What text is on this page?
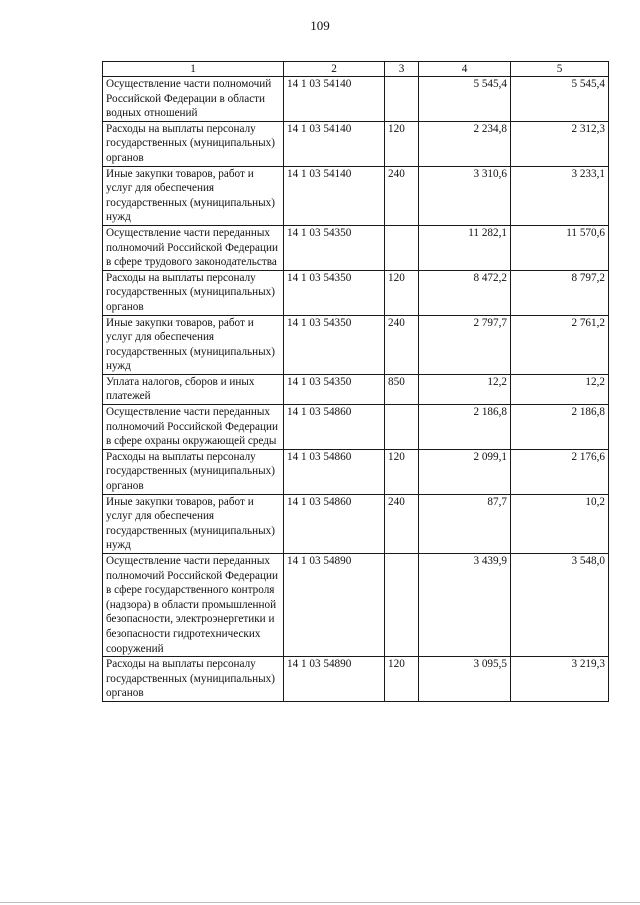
109
1	2	3	4	5
Осуществление части полномочий Российской Федерации в области водных отношений	14 1 03 54140		5 545,4	5 545,4
Расходы на выплаты персоналу государственных (муниципальных) органов	14 1 03 54140	120	2 234,8	2 312,3
Иные закупки товаров, работ и услуг для обеспечения государственных (муниципальных) нужд	14 1 03 54140	240	3 310,6	3 233,1
Осуществление части переданных полномочий Российской Федерации в сфере трудового законодательства	14 1 03 54350		11 282,1	11 570,6
Расходы на выплаты персоналу государственных (муниципальных) органов	14 1 03 54350	120	8 472,2	8 797,2
Иные закупки товаров, работ и услуг для обеспечения государственных (муниципальных) нужд	14 1 03 54350	240	2 797,7	2 761,2
Уплата налогов, сборов и иных платежей	14 1 03 54350	850	12,2	12,2
Осуществление части переданных полномочий Российской Федерации в сфере охраны окружающей среды	14 1 03 54860		2 186,8	2 186,8
Расходы на выплаты персоналу государственных (муниципальных) органов	14 1 03 54860	120	2 099,1	2 176,6
Иные закупки товаров, работ и услуг для обеспечения государственных (муниципальных) нужд	14 1 03 54860	240	87,7	10,2
Осуществление части переданных полномочий Российской Федерации в сфере государственного контроля (надзора) в области промышленной безопасности, электроэнергетики и безопасности гидротехнических сооружений	14 1 03 54890		3 439,9	3 548,0
Расходы на выплаты персоналу государственных (муниципальных) органов	14 1 03 54890	120	3 095,5	3 219,3
